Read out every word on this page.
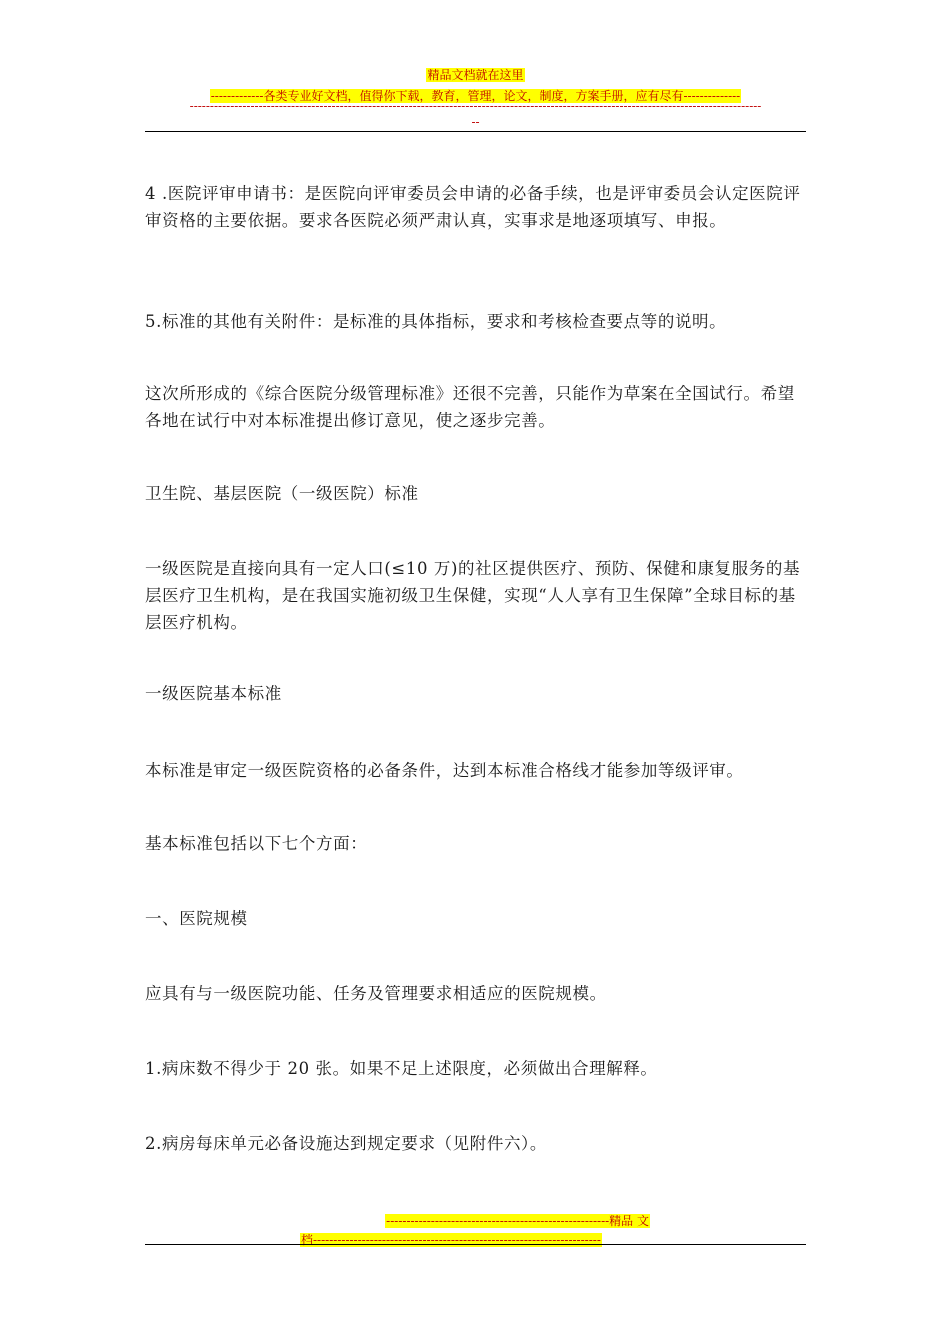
精品文档就在这里

-------------各类专业好文档，值得你下载，教育，管理，论文，制度，方案手册，应有尽有--------------

---------------------------------------------------------------------------------------------------------------------------------------------
--

4 .医院评审申请书：是医院向评审委员会申请的必备手续，也是评审委员会认定医院评审资格的主要依据。要求各医院必须严肃认真，实事求是地逐项填写、申报。

5.标准的其他有关附件：是标准的具体指标，要求和考核检查要点等的说明。

这次所形成的《综合医院分级管理标准》还很不完善，只能作为草案在全国试行。希望各地在试行中对本标准提出修订意见，使之逐步完善。

卫生院、基层医院（一级医院）标准

一级医院是直接向具有一定人口(≤10 万)的社区提供医疗、预防、保健和康复服务的基层医疗卫生机构，是在我国实施初级卫生保健，实现“人人享有卫生保障”全球目标的基层医疗机构。

一级医院基本标准

本标准是审定一级医院资格的必备条件，达到本标准合格线才能参加等级评审。

基本标准包括以下七个方面：

一、医院规模

应具有与一级医院功能、任务及管理要求相适应的医院规模。

1.病床数不得少于 20 张。如果不足上述限度，必须做出合理解释。

2.病房每床单元必备设施达到规定要求（见附件六）。

-------------------------------------------------------精品 文
档-----------------------------------------------------------------------
